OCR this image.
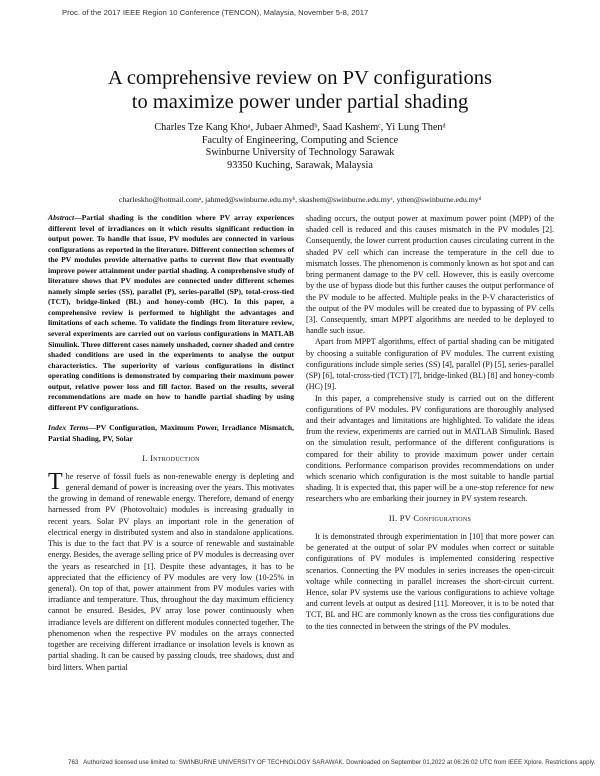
Proc. of the 2017 IEEE Region 10 Conference (TENCON), Malaysia, November 5-8, 2017
A comprehensive review on PV configurations
to maximize power under partial shading
Charles Tze Kang Khoᵃ, Jubaer Ahmedᵇ, Saad Kashemᶜ, Yi Lung Thenᵈ
Faculty of Engineering, Computing and Science
Swinburne University of Technology Sarawak
93350 Kuching, Sarawak, Malaysia
charleskho@hotmail.comᵃ, jahmed@swinburne.edu.myᵇ, skashem@swinburne.edu.myᶜ, ythen@swinburne.edu.myᵈ

Abstract—Partial shading is the condition where PV array experiences different level of irradiances on it which results significant reduction in output power. To handle that issue, PV modules are connected in various configurations as reported in the literature. Different connection schemes of the PV modules provide alternative paths to current flow that eventually improve power attainment under partial shading. A comprehensive study of literature shows that PV modules are connected under different schemes namely simple series (SS), parallel (P), series-parallel (SP), total-cross-tied (TCT), bridge-linked (BL) and honey-comb (HC). In this paper, a comprehensive review is performed to highlight the advantages and limitations of each scheme. To validate the findings from literature review, several experiments are carried out on various configurations in MATLAB Simulink. Three different cases namely unshaded, corner shaded and centre shaded conditions are used in the experiments to analyse the output characteristics. The superiority of various configurations in distinct operating conditions is demonstrated by comparing their maximum power output, relative power loss and fill factor. Based on the results, several recommendations are made on how to handle partial shading by using different PV configurations.

Index Terms—PV Configuration, Maximum Power, Irradiance Mismatch, Partial Shading, PV, Solar

I. Introduction

The reserve of fossil fuels as non-renewable energy is depleting and general demand of power is increasing over the years. This motivates the growing in demand of renewable energy. Therefore, demand of energy harnessed from PV (Photovoltaic) modules is increasing gradually in recent years. Solar PV plays an important role in the generation of electrical energy in distributed system and also in standalone applications. This is due to the fact that PV is a source of renewable and sustainable energy. Besides, the average selling price of PV modules is decreasing over the years as researched in [1]. Despite these advantages, it has to be appreciated that the efficiency of PV modules are very low (10-25% in general). On top of that, power attainment from PV modules varies with irradiance and temperature. Thus, throughout the day maximum efficiency cannot be ensured. Besides, PV array lose power continuously when irradiance levels are different on different modules connected together. The phenomenon when the respective PV modules on the arrays connected together are receiving different irradiance or insolation levels is known as partial shading. It can be caused by passing clouds, tree shadows, dust and bird litters. When partial

shading occurs, the output power at maximum power point (MPP) of the shaded cell is reduced and this causes mismatch in the PV modules [2]. Consequently, the lower current production causes circulating current in the shaded PV cell which can increase the temperature in the cell due to mismatch losses. The phenomenon is commonly known as hot spot and can bring permanent damage to the PV cell. However, this is easily overcome by the use of bypass diode but this further causes the output performance of the PV module to be affected. Multiple peaks in the P-V characteristics of the output of the PV modules will be created due to bypassing of PV cells [3]. Consequently, smart MPPT algorithms are needed to be deployed to handle such issue.

Apart from MPPT algorithms, effect of partial shading can be mitigated by choosing a suitable configuration of PV modules. The current existing configurations include simple series (SS) [4], parallel (P) [5], series-parallel (SP) [6], total-cross-tied (TCT) [7], bridge-linked (BL) [8] and honey-comb (HC) [9].

In this paper, a comprehensive study is carried out on the different configurations of PV modules. PV configurations are thoroughly analysed and their advantages and limitations are highlighted. To validate the ideas from the review, experiments are carried out in MATLAB Simulink. Based on the simulation result, performance of the different configurations is compared for their ability to provide maximum power under certain conditions. Performance comparison provides recommendations on under which scenario which configuration is the most suitable to handle partial shading. It is expected that, this paper will be a one-stop reference for new researchers who are embarking their journey in PV system research.

II. PV Configurations

It is demonstrated through experimentation in [10] that more power can be generated at the output of solar PV modules when correct or suitable configurations of PV modules is implemented considering respective scenarios. Connecting the PV modules in series increases the open-circuit voltage while connecting in parallel increases the short-circuit current. Hence, solar PV systems use the various configurations to achieve voltage and current levels at output as desired [11]. Moreover, it is to be noted that TCT, BL and HC are commonly known as the cross ties configurations due to the ties connected in between the strings of the PV modules.

763 Authorized licensed use limited to: SWINBURNE UNIVERSITY OF TECHNOLOGY SARAWAK. Downloaded on September 01,2022 at 06:26:02 UTC from IEEE Xplore. Restrictions apply.
